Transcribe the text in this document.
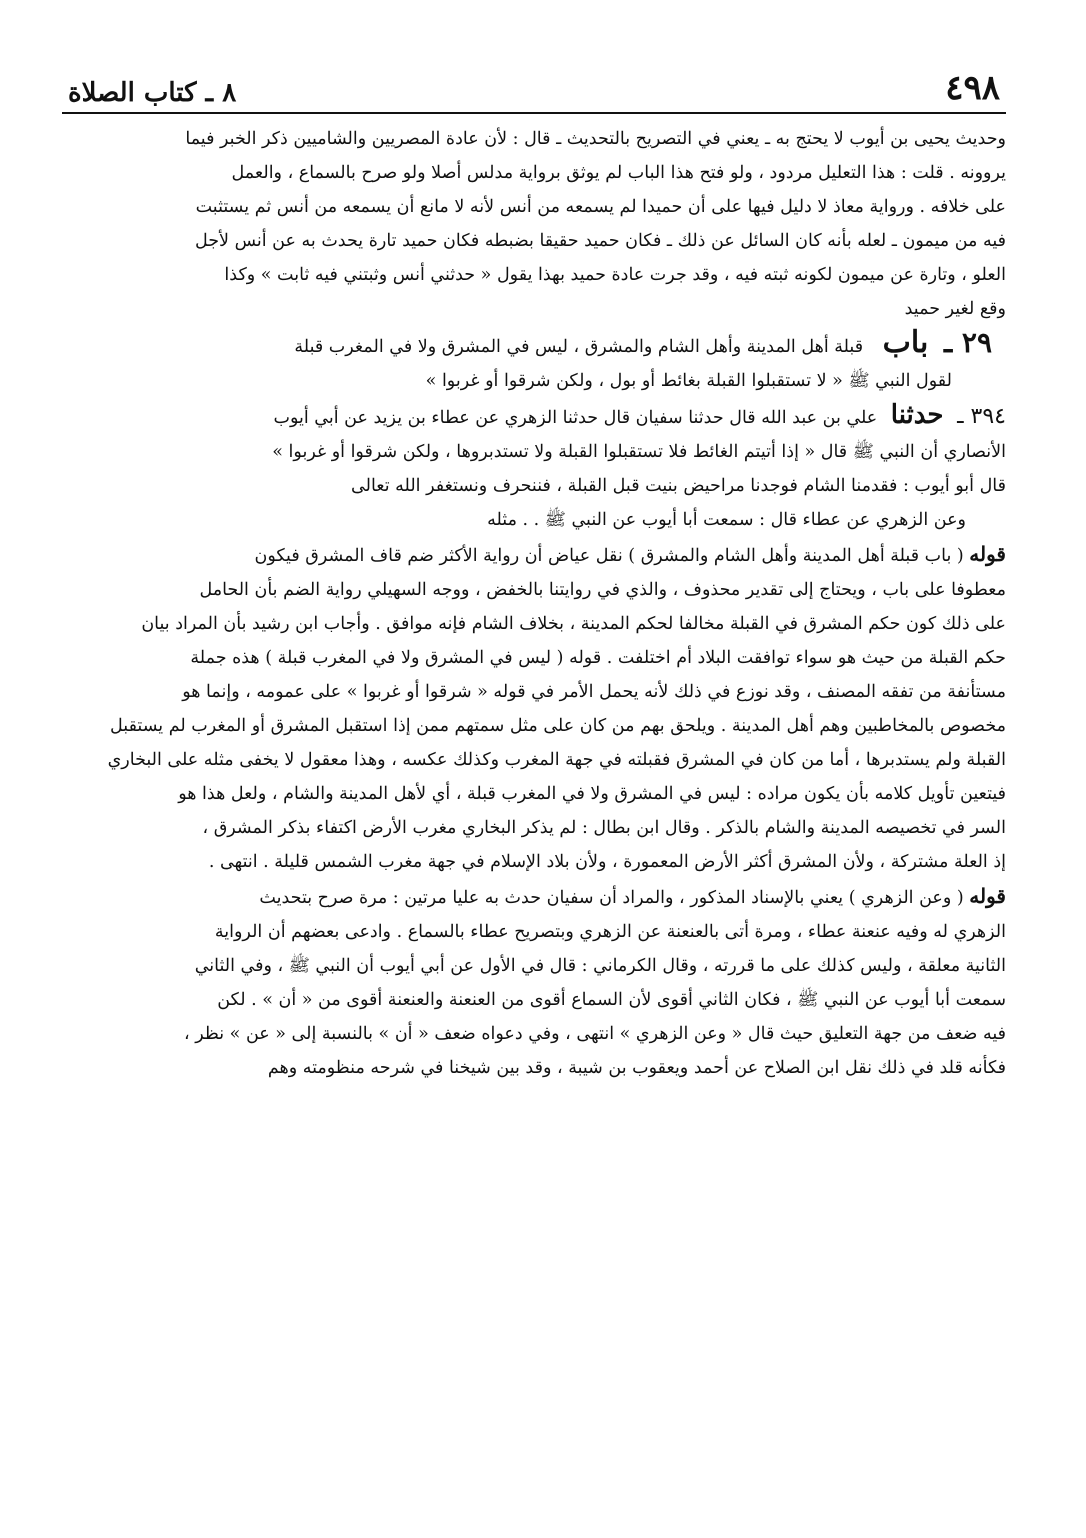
٤٩٨
٨ ـ كتاب الصلاة

وحديث يحيى بن أيوب لا يحتج به ـ يعني في التصريح بالتحديث ـ قال : لأن عادة المصريين والشاميين ذكر الخبر فيما

يروونه . قلت : هذا التعليل مردود ، ولو فتح هذا الباب لم يوثق برواية مدلس أصلا ولو صرح بالسماع ، والعمل

على خلافه . ورواية معاذ لا دليل فيها على أن حميدا لم يسمعه من أنس لأنه لا مانع أن يسمعه من أنس ثم يستثبت

فيه من ميمون ـ لعله بأنه كان السائل عن ذلك ـ فكان حميد حقيقا بضبطه فكان حميد تارة يحدث به عن أنس لأجل

العلو ، وتارة عن ميمون لكونه ثبته فيه ، وقد جرت عادة حميد بهذا يقول « حدثني أنس وثبتني فيه ثابت » وكذا

وقع لغير حميد

٢٩ ـ باب قبلة أهل المدينة وأهل الشام والمشرق ، ليس في المشرق ولا في المغرب قبلة

لقول النبي ﷺ « لا تستقبلوا القبلة بغائط أو بول ، ولكن شرقوا أو غربوا »

٣٩٤ ـ حدثنا علي بن عبد الله قال حدثنا سفيان قال حدثنا الزهري عن عطاء بن يزيد عن أبي أيوب

الأنصاري أن النبي ﷺ قال « إذا أتيتم الغائط فلا تستقبلوا القبلة ولا تستدبروها ، ولكن شرقوا أو غربوا »

قال أبو أيوب : فقدمنا الشام فوجدنا مراحيض بنيت قبل القبلة ، فننحرف ونستغفر الله تعالى

وعن الزهري عن عطاء قال : سمعت أبا أيوب عن النبي ﷺ . . مثله

قوله ( باب قبلة أهل المدينة وأهل الشام والمشرق ) نقل عياض أن رواية الأكثر ضم قاف المشرق فيكون

معطوفا على باب ، ويحتاج إلى تقدير محذوف ، والذي في روايتنا بالخفض ، ووجه السهيلي رواية الضم بأن الحامل

على ذلك كون حكم المشرق في القبلة مخالفا لحكم المدينة ، بخلاف الشام فإنه موافق . وأجاب ابن رشيد بأن المراد بيان

حكم القبلة من حيث هو سواء توافقت البلاد أم اختلفت . قوله ( ليس في المشرق ولا في المغرب قبلة ) هذه جملة

مستأنفة من تفقه المصنف ، وقد نوزع في ذلك لأنه يحمل الأمر في قوله « شرقوا أو غربوا » على عمومه ، وإنما هو

مخصوص بالمخاطبين وهم أهل المدينة . ويلحق بهم من كان على مثل سمتهم ممن إذا استقبل المشرق أو المغرب لم يستقبل

القبلة ولم يستدبرها ، أما من كان في المشرق فقبلته في جهة المغرب وكذلك عكسه ، وهذا معقول لا يخفى مثله على البخاري

فيتعين تأويل كلامه بأن يكون مراده : ليس في المشرق ولا في المغرب قبلة ، أي لأهل المدينة والشام ، ولعل هذا هو

السر في تخصيصه المدينة والشام بالذكر . وقال ابن بطال : لم يذكر البخاري مغرب الأرض اكتفاء بذكر المشرق ،

إذ العلة مشتركة ، ولأن المشرق أكثر الأرض المعمورة ، ولأن بلاد الإسلام في جهة مغرب الشمس قليلة . انتهى .

قوله ( وعن الزهري ) يعني بالإسناد المذكور ، والمراد أن سفيان حدث به عليا مرتين : مرة صرح بتحديث

الزهري له وفيه عنعنة عطاء ، ومرة أتى بالعنعنة عن الزهري وبتصريح عطاء بالسماع . وادعى بعضهم أن الرواية

الثانية معلقة ، وليس كذلك على ما قررته ، وقال الكرماني : قال في الأول عن أبي أيوب أن النبي ﷺ ، وفي الثاني

سمعت أبا أيوب عن النبي ﷺ ، فكان الثاني أقوى لأن السماع أقوى من العنعنة والعنعنة أقوى من « أن » . لكن

فيه ضعف من جهة التعليق حيث قال « وعن الزهري » انتهى ، وفي دعواه ضعف « أن » بالنسبة إلى « عن » نظر ،

فكأنه قلد في ذلك نقل ابن الصلاح عن أحمد ويعقوب بن شيبة ، وقد بين شيخنا في شرحه منظومته وهم
